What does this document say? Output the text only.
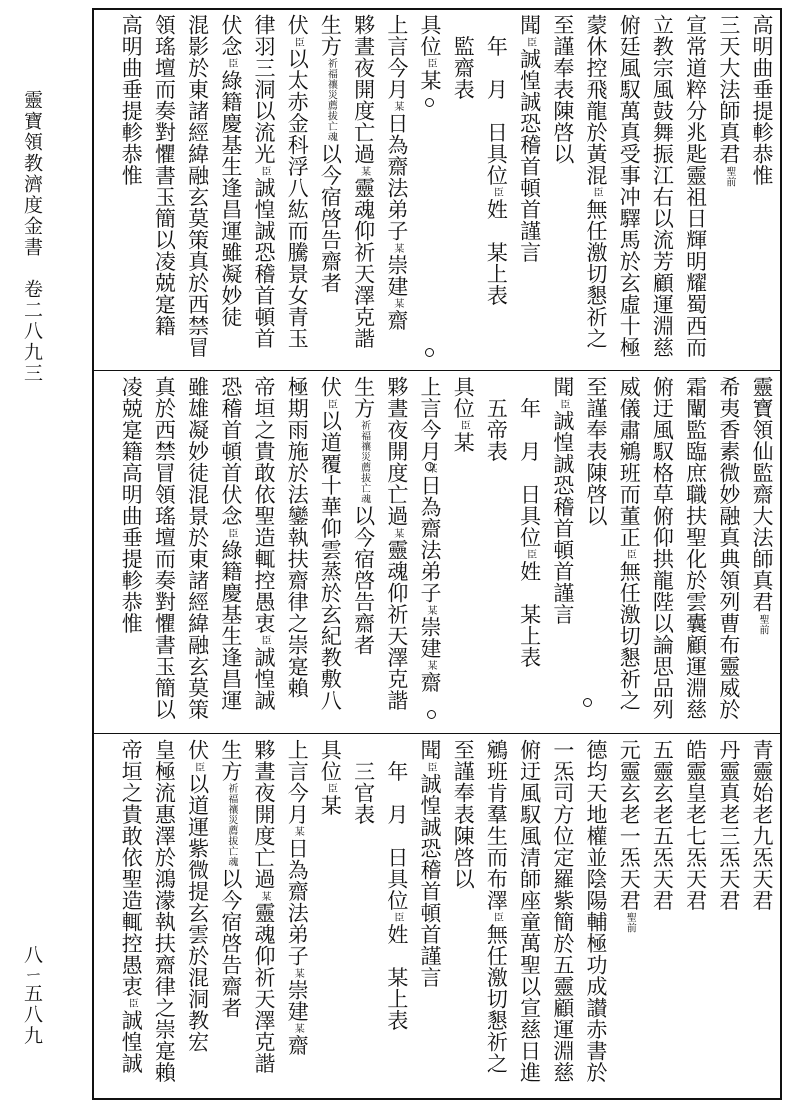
靈寶領教濟度金書　卷二八九三
八ㄧ五八九
高明曲垂提軫恭惟
三天大法師真君聖前
宣常道粹分兆匙靈祖日輝明耀蜀西而
立教宗風鼓舞振江右以流芳顧運淵慈
俯廷風馭萬真受事冲驛馬於玄虛十極
蒙休控飛龍於黃混臣無任激切懇祈之
至謹奉表陳啓以
聞臣誠惶誠恐稽首頓首謹言
　年　月　日具位臣姓　某上表
　監齋表
具位臣某
上言今月某日為齋法弟子某崇建某齋
夥晝夜開度亡過某靈魂仰祈天澤克諧
生方祈福禳災薦拔亡魂以今宿啓告齋者
伏臣以太赤金科浮八紘而騰景女青玉
律羽三洞以流光臣誠惶誠恐稽首頓首
伏念臣綠籍慶基生逢昌運雖凝妙徒
混影於東諸經緯融玄莫策真於西禁冒
領瑤壇而奏對懼書玉簡以凌兢寔籍
高明曲垂提軫恭惟
靈寶領仙監齋大法師真君聖前
希夷香素微妙融真典領列曹布靈威於
霜闡監臨庶職扶聖化於雲囊顧運淵慈
俯迂風馭格草俯仰拱龍陛以論思品列
威儀肅鵷班而董正臣無任激切懇祈之
至謹奉表陳啓以
聞臣誠惶誠恐稽首頓首謹言
　年　月　日具位臣姓　某上表
　五帝表
具位臣某
上言今月某日為齋法弟子某崇建某齋
夥晝夜開度亡過某靈魂仰祈天澤克諧
生方祈福禳災薦拔亡魂以今宿啓告齋者
伏臣以道覆十華仰雲蒸於玄紀教敷八
極期雨施於法鑾執扶齋律之崇寔賴
帝垣之貴敢依聖造輒控愚衷臣誠惶誠
恐稽首頓首伏念臣綠籍慶基生逢昌運
雖雄凝妙徒混景於東諸經緯融玄莫策
真於西禁冒領瑤壇而奏對懼書玉簡以
凌兢寔籍高明曲垂提軫恭惟
青靈始老九炁天君
丹靈真老三炁天君
皓靈皇老七炁天君
五靈玄老五炁天君
元靈玄老一炁天君聖前
德均天地權並陰陽輔極功成讃赤書於
一炁司方位定羅紫簡於五靈顧運淵慈
俯迂風馭風清師座童萬聖以宣慈日進
鵷班肯羣生而布澤臣無任激切懇祈之
至謹奉表陳啓以
聞臣誠惶誠恐稽首頓首謹言
　年　月　日具位臣姓　某上表
　三官表
具位臣某
上言今月某日為齋法弟子某崇建某齋
夥晝夜開度亡過某靈魂仰祈天澤克諧
生方祈福禳災薦拔亡魂以今宿啓告齋者
伏臣以道運紫微提玄雲於混洞教宏
皇極流惠澤於鴻濛執扶齋律之崇寔賴
帝垣之貴敢依聖造輒控愚衷臣誠惶誠
